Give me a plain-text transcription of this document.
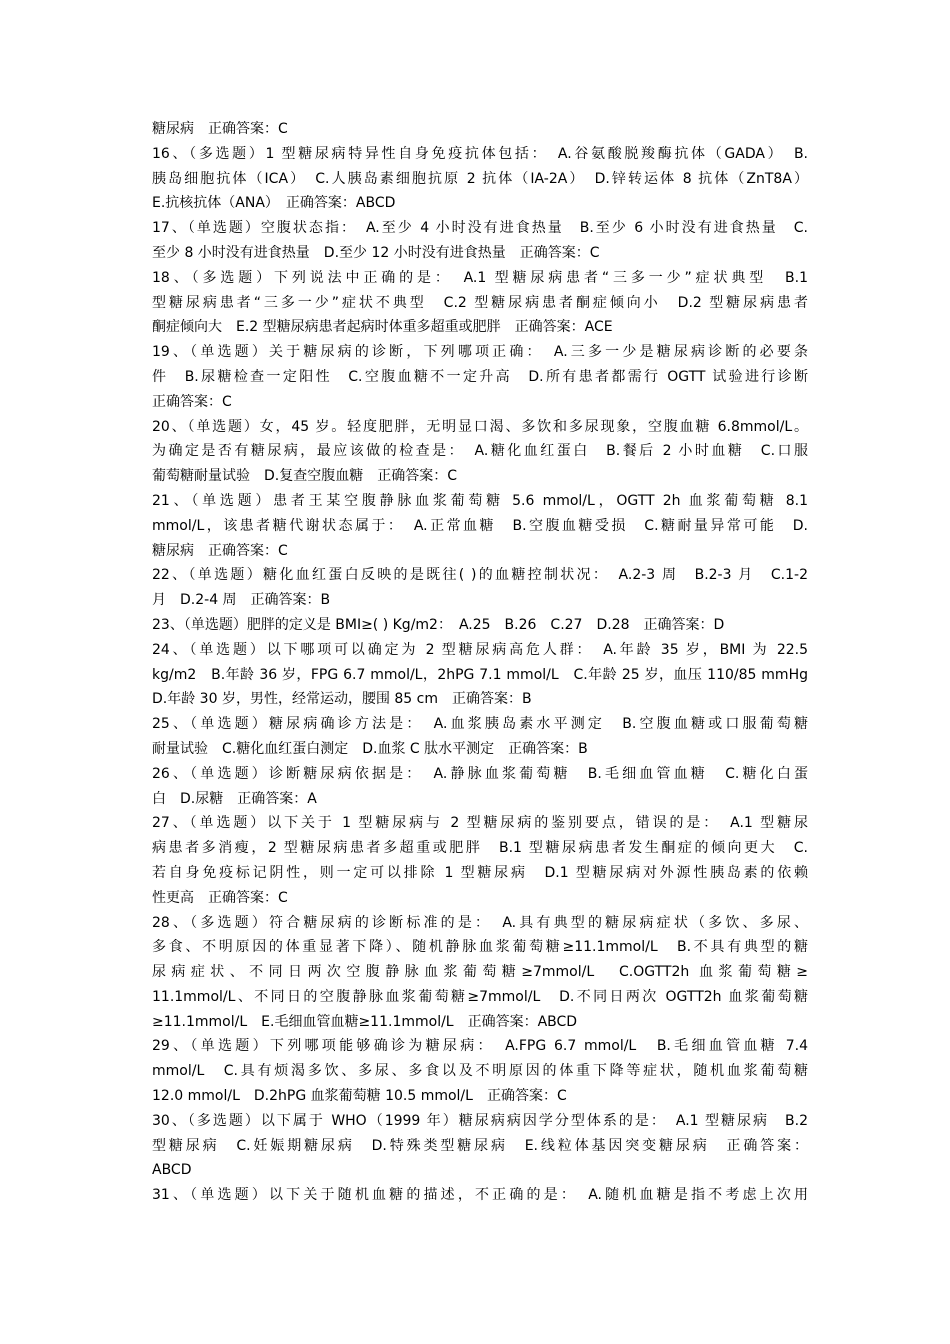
糖尿病　正确答案：C
16、（多选题）1 型糖尿病特异性自身免疫抗体包括：　A.谷氨酸脱羧酶抗体（GADA）　B.
胰岛细胞抗体（ICA）　C.人胰岛素细胞抗原 2 抗体（IA-2A）　D.锌转运体 8 抗体（ZnT8A）
E.抗核抗体（ANA）　正确答案：ABCD
17、（单选题）空腹状态指：　A.至少 4 小时没有进食热量　B.至少 6 小时没有进食热量　C.
至少 8 小时没有进食热量　D.至少 12 小时没有进食热量　正确答案：C
18、（多选题）下列说法中正确的是：　A.1 型糖尿病患者“三多一少”症状典型　B.1
型糖尿病患者“三多一少”症状不典型　C.2 型糖尿病患者酮症倾向小　D.2 型糖尿病患者
酮症倾向大　E.2 型糖尿病患者起病时体重多超重或肥胖　正确答案：ACE
19、（单选题）关于糖尿病的诊断，下列哪项正确：　A.三多一少是糖尿病诊断的必要条
件　B.尿糖检查一定阳性　C.空腹血糖不一定升高　D.所有患者都需行 OGTT 试验进行诊断
正确答案：C
20、（单选题）女，45 岁。轻度肥胖，无明显口渴、多饮和多尿现象，空腹血糖 6.8mmol/L。
为确定是否有糖尿病，最应该做的检查是：　A.糖化血红蛋白　B.餐后 2 小时血糖　C.口服
葡萄糖耐量试验　D.复查空腹血糖　正确答案：C
21、（单选题）患者王某空腹静脉血浆葡萄糖 5.6 mmol/L，OGTT 2h 血浆葡萄糖 8.1
mmol/L，该患者糖代谢状态属于：　A.正常血糖　B.空腹血糖受损　C.糖耐量异常可能　D.
糖尿病　正确答案：C
22、（单选题）糖化血红蛋白反映的是既往( )的血糖控制状况：　A.2-3 周　B.2-3 月　C.1-2
月　D.2-4 周　正确答案：B
23、（单选题）肥胖的定义是 BMI≥( ) Kg/m2：　A.25　B.26　C.27　D.28　正确答案：D
24、（单选题）以下哪项可以确定为 2 型糖尿病高危人群：　A.年龄 35 岁，BMI 为 22.5
kg/m2　B.年龄 36 岁，FPG 6.7 mmol/L，2hPG 7.1 mmol/L　C.年龄 25 岁，血压 110/85 mmHg
D.年龄 30 岁，男性，经常运动，腰围 85 cm　正确答案：B
25、（单选题）糖尿病确诊方法是：　A.血浆胰岛素水平测定　B.空腹血糖或口服葡萄糖
耐量试验　C.糖化血红蛋白测定　D.血浆 C 肽水平测定　正确答案：B
26、（单选题）诊断糖尿病依据是：　A.静脉血浆葡萄糖　B.毛细血管血糖　C.糖化白蛋
白　D.尿糖　正确答案：A
27、（单选题）以下关于 1 型糖尿病与 2 型糖尿病的鉴别要点，错误的是：　A.1 型糖尿
病患者多消瘦，2 型糖尿病患者多超重或肥胖　B.1 型糖尿病患者发生酮症的倾向更大　C.
若自身免疫标记阴性，则一定可以排除 1 型糖尿病　D.1 型糖尿病对外源性胰岛素的依赖
性更高　正确答案：C
28、（多选题）符合糖尿病的诊断标准的是：　A.具有典型的糖尿病症状（多饮、多尿、
多食、不明原因的体重显著下降）、随机静脉血浆葡萄糖≥11.1mmol/L　B.不具有典型的糖
尿病症状、不同日两次空腹静脉血浆葡萄糖≥7mmol/L　C.OGTT2h 血浆葡萄糖≥
11.1mmol/L、不同日的空腹静脉血浆葡萄糖≥7mmol/L　D.不同日两次 OGTT2h 血浆葡萄糖
≥11.1mmol/L　E.毛细血管血糖≥11.1mmol/L　正确答案：ABCD
29、（单选题）下列哪项能够确诊为糖尿病：　A.FPG 6.7 mmol/L　B.毛细血管血糖 7.4
mmol/L　C.具有烦渴多饮、多尿、多食以及不明原因的体重下降等症状，随机血浆葡萄糖
12.0 mmol/L　D.2hPG 血浆葡萄糖 10.5 mmol/L　正确答案：C
30、（多选题）以下属于 WHO（1999 年）糖尿病病因学分型体系的是：　A.1 型糖尿病　B.2
型糖尿病　C.妊娠期糖尿病　D.特殊类型糖尿病　E.线粒体基因突变糖尿病　正确答案：
ABCD
31、（单选题）以下关于随机血糖的描述，不正确的是：　A.随机血糖是指不考虑上次用
